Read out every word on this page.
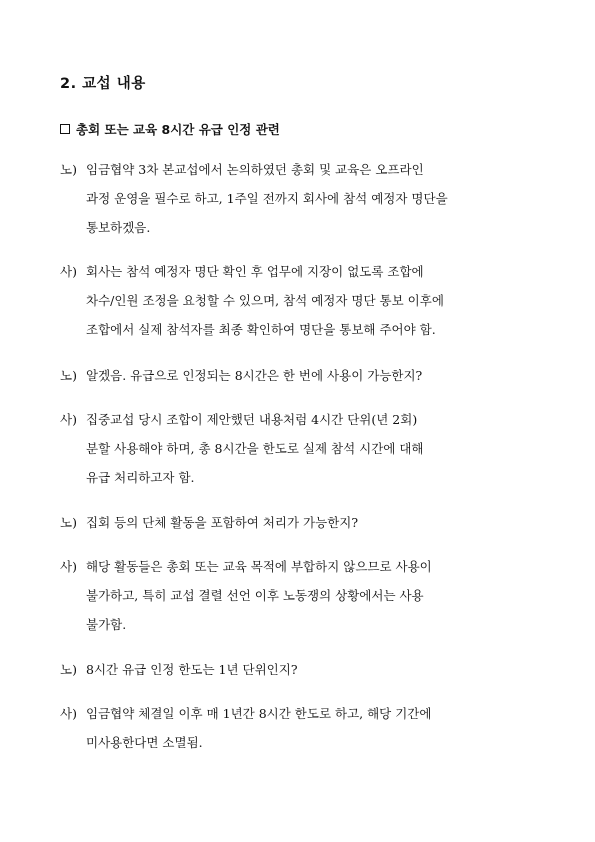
2. 교섭 내용
총회 또는 교육 8시간 유급 인정 관련
노) 임금협약 3차 본교섭에서 논의하였던 총회 및 교육은 오프라인
과정 운영을 필수로 하고, 1주일 전까지 회사에 참석 예정자 명단을
통보하겠음.
사) 회사는 참석 예정자 명단 확인 후 업무에 지장이 없도록 조합에
차수/인원 조정을 요청할 수 있으며, 참석 예정자 명단 통보 이후에
조합에서 실제 참석자를 최종 확인하여 명단을 통보해 주어야 함.
노) 알겠음. 유급으로 인정되는 8시간은 한 번에 사용이 가능한지?
사) 집중교섭 당시 조합이 제안했던 내용처럼 4시간 단위(년 2회)
분할 사용해야 하며, 총 8시간을 한도로 실제 참석 시간에 대해
유급 처리하고자 함.
노) 집회 등의 단체 활동을 포함하여 처리가 가능한지?
사) 해당 활동들은 총회 또는 교육 목적에 부합하지 않으므로 사용이
불가하고, 특히 교섭 결렬 선언 이후 노동쟁의 상황에서는 사용
불가함.
노) 8시간 유급 인정 한도는 1년 단위인지?
사) 임금협약 체결일 이후 매 1년간 8시간 한도로 하고, 해당 기간에
미사용한다면 소멸됨.
